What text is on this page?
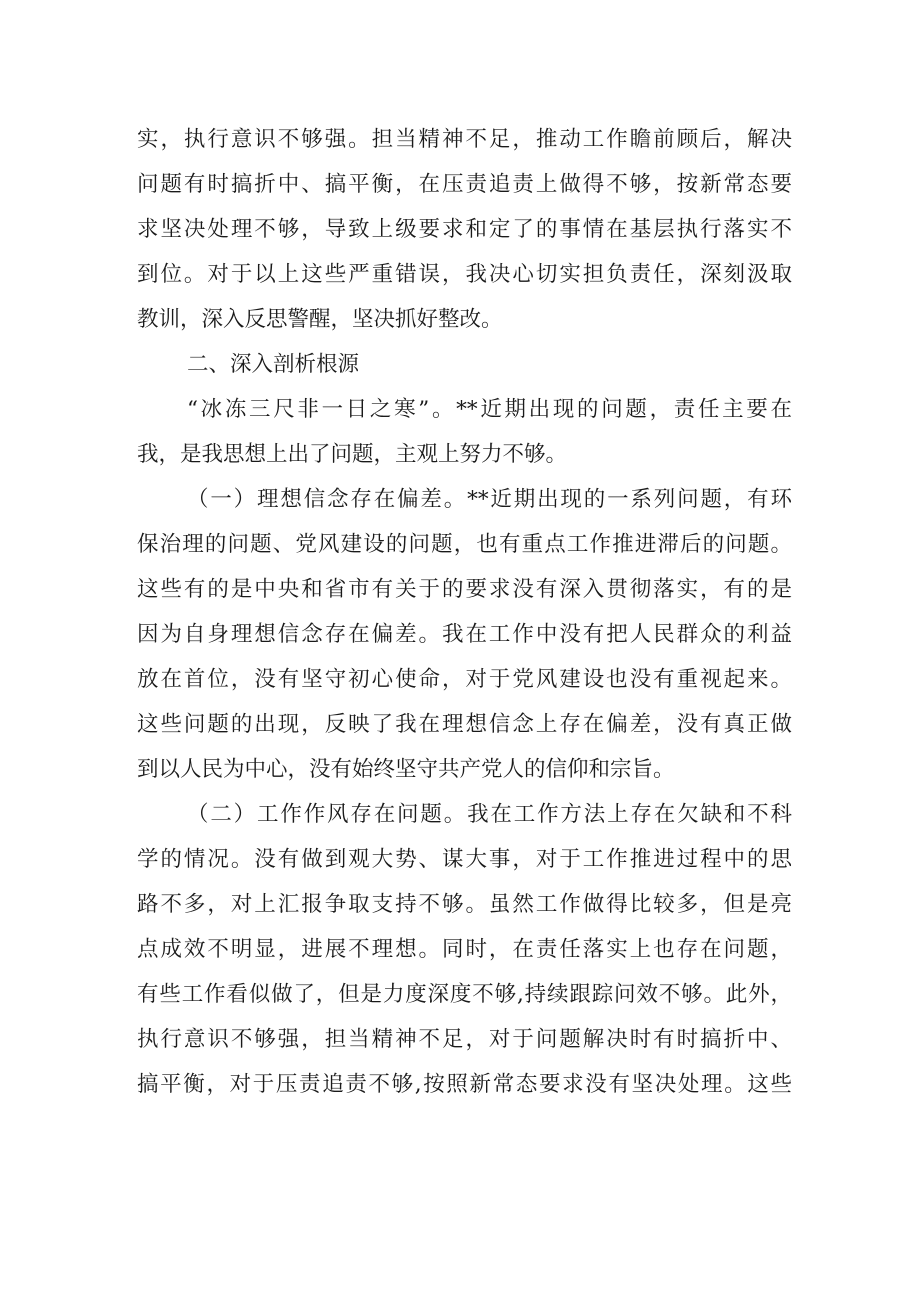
实，执行意识不够强。担当精神不足，推动工作瞻前顾后，解决
问题有时搞折中、搞平衡，在压责追责上做得不够，按新常态要
求坚决处理不够，导致上级要求和定了的事情在基层执行落实不
到位。对于以上这些严重错误，我决心切实担负责任，深刻汲取
教训，深入反思警醒，坚决抓好整改。
二、深入剖析根源
“冰冻三尺非一日之寒”。**近期出现的问题，责任主要在
我，是我思想上出了问题，主观上努力不够。
（一）理想信念存在偏差。**近期出现的一系列问题，有环
保治理的问题、党风建设的问题，也有重点工作推进滞后的问题。
这些有的是中央和省市有关于的要求没有深入贯彻落实，有的是
因为自身理想信念存在偏差。我在工作中没有把人民群众的利益
放在首位，没有坚守初心使命，对于党风建设也没有重视起来。
这些问题的出现，反映了我在理想信念上存在偏差，没有真正做
到以人民为中心，没有始终坚守共产党人的信仰和宗旨。
（二）工作作风存在问题。我在工作方法上存在欠缺和不科
学的情况。没有做到观大势、谋大事，对于工作推进过程中的思
路不多，对上汇报争取支持不够。虽然工作做得比较多，但是亮
点成效不明显，进展不理想。同时，在责任落实上也存在问题，
有些工作看似做了，但是力度深度不够,持续跟踪问效不够。此外，
执行意识不够强，担当精神不足，对于问题解决时有时搞折中、
搞平衡，对于压责追责不够,按照新常态要求没有坚决处理。这些
